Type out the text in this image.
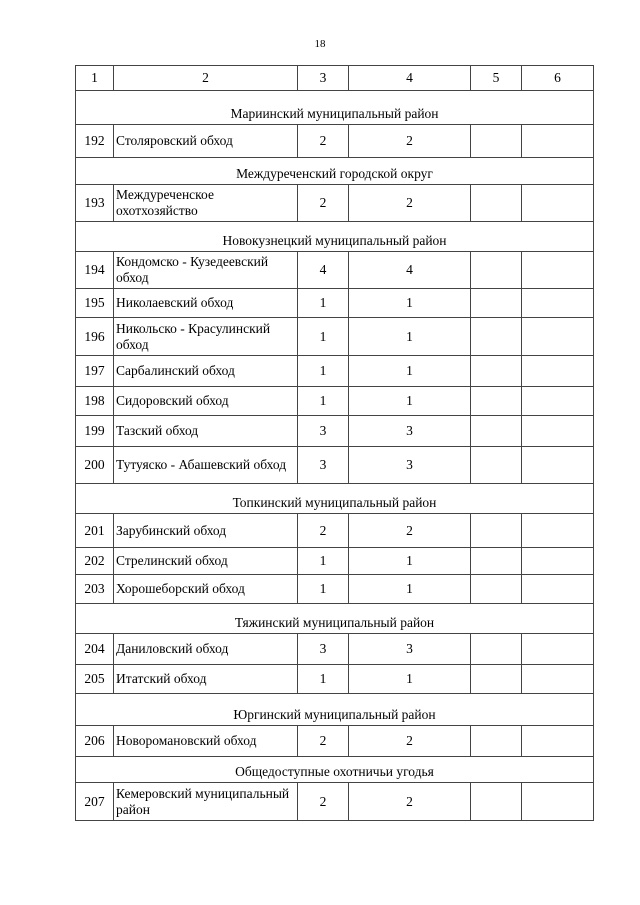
18
1	2	3	4	5	6
Мариинский муниципальный район					
192	Столяровский обход	2	2		
Междуреченский городской округ					
193	Междуреченское охотхозяйство	2	2		
Новокузнецкий муниципальный район					
194	Кондомско - Кузедеевский обход	4	4		
195	Николаевский обход	1	1		
196	Никольско - Красулинский обход	1	1		
197	Сарбалинский обход	1	1		
198	Сидоровский обход	1	1		
199	Тазский обход	3	3		
200	Тутуяско - Абашевский обход	3	3		
Топкинский муниципальный район					
201	Зарубинский обход	2	2		
202	Стрелинский обход	1	1		
203	Хорошеборский обход	1	1		
Тяжинский муниципальный район					
204	Даниловский обход	3	3		
205	Итатский обход	1	1		
Юргинский муниципальный район					
206	Новоромановский обход	2	2		
Общедоступные охотничьи угодья					
207	Кемеровский муниципальный район	2	2		
